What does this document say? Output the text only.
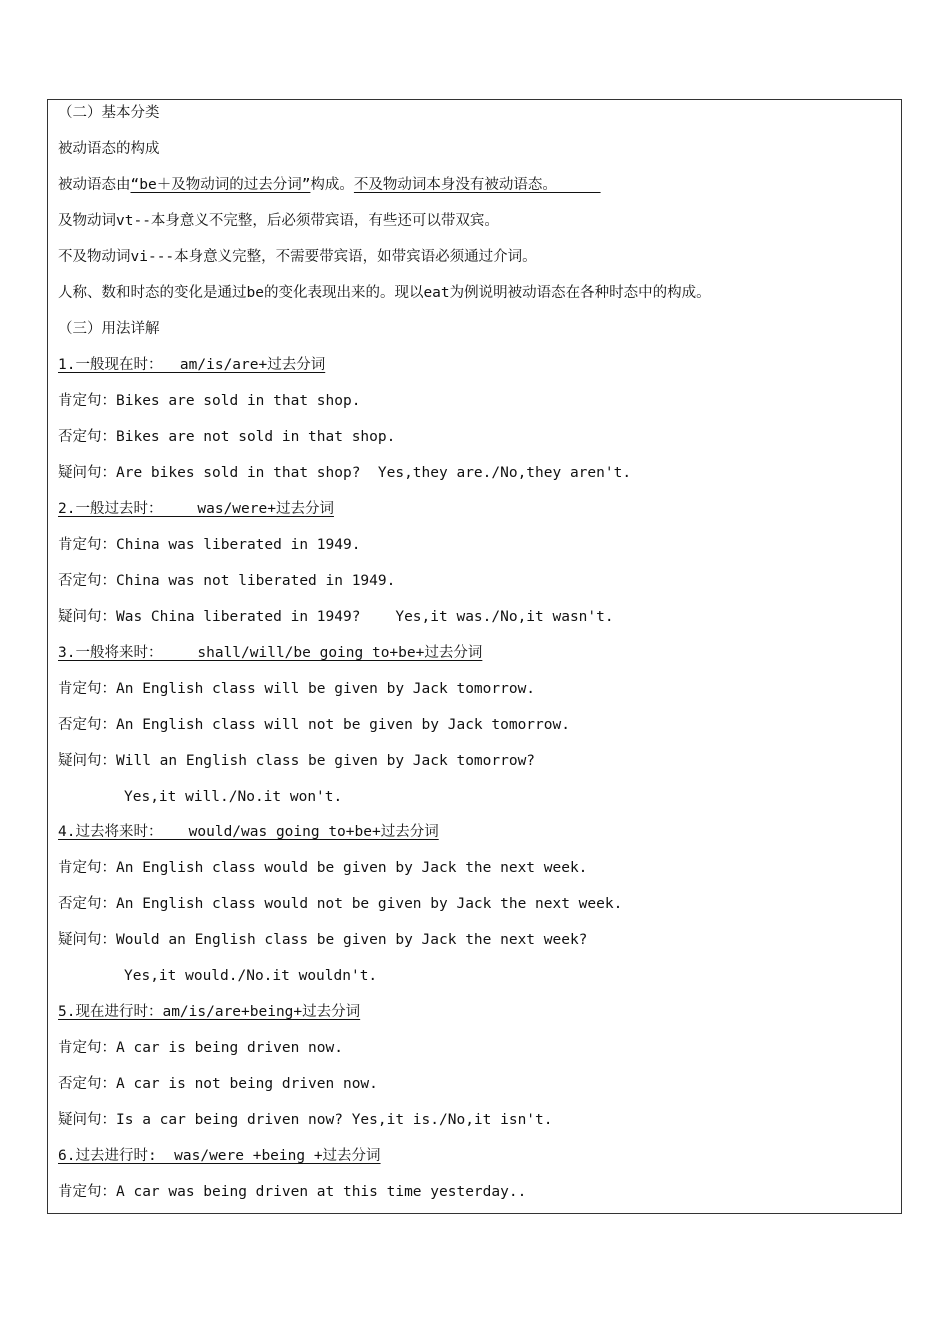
（二）基本分类
被动语态的构成
被动语态由“be＋及物动词的过去分词”构成。不及物动词本身没有被动语态。
及物动词vt--本身意义不完整，后必须带宾语，有些还可以带双宾。
不及物动词vi---本身意义完整，不需要带宾语，如带宾语必须通过介词。
人称、数和时态的变化是通过be的变化表现出来的。现以eat为例说明被动语态在各种时态中的构成。
（三）用法详解
1.一般现在时：  am/is/are+过去分词
肯定句：Bikes are sold in that shop.
否定句：Bikes are not sold in that shop.
疑问句：Are bikes sold in that shop?  Yes,they are./No,they aren't.
2.一般过去时：    was/were+过去分词
肯定句：China was liberated in 1949.
否定句：China was not liberated in 1949.
疑问句：Was China liberated in 1949?    Yes,it was./No,it wasn't.
3.一般将来时：    shall/will/be going to+be+过去分词
肯定句：An English class will be given by Jack tomorrow.
否定句：An English class will not be given by Jack tomorrow.
疑问句：Will an English class be given by Jack tomorrow?
Yes,it will./No.it won't.
4.过去将来时：   would/was going to+be+过去分词
肯定句：An English class would be given by Jack the next week.
否定句：An English class would not be given by Jack the next week.
疑问句：Would an English class be given by Jack the next week?
Yes,it would./No.it wouldn't.
5.现在进行时：am/is/are+being+过去分词
肯定句：A car is being driven now.
否定句：A car is not being driven now.
疑问句：Is a car being driven now? Yes,it is./No,it isn't.
6.过去进行时:  was/were +being +过去分词
肯定句：A car was being driven at this time yesterday..
